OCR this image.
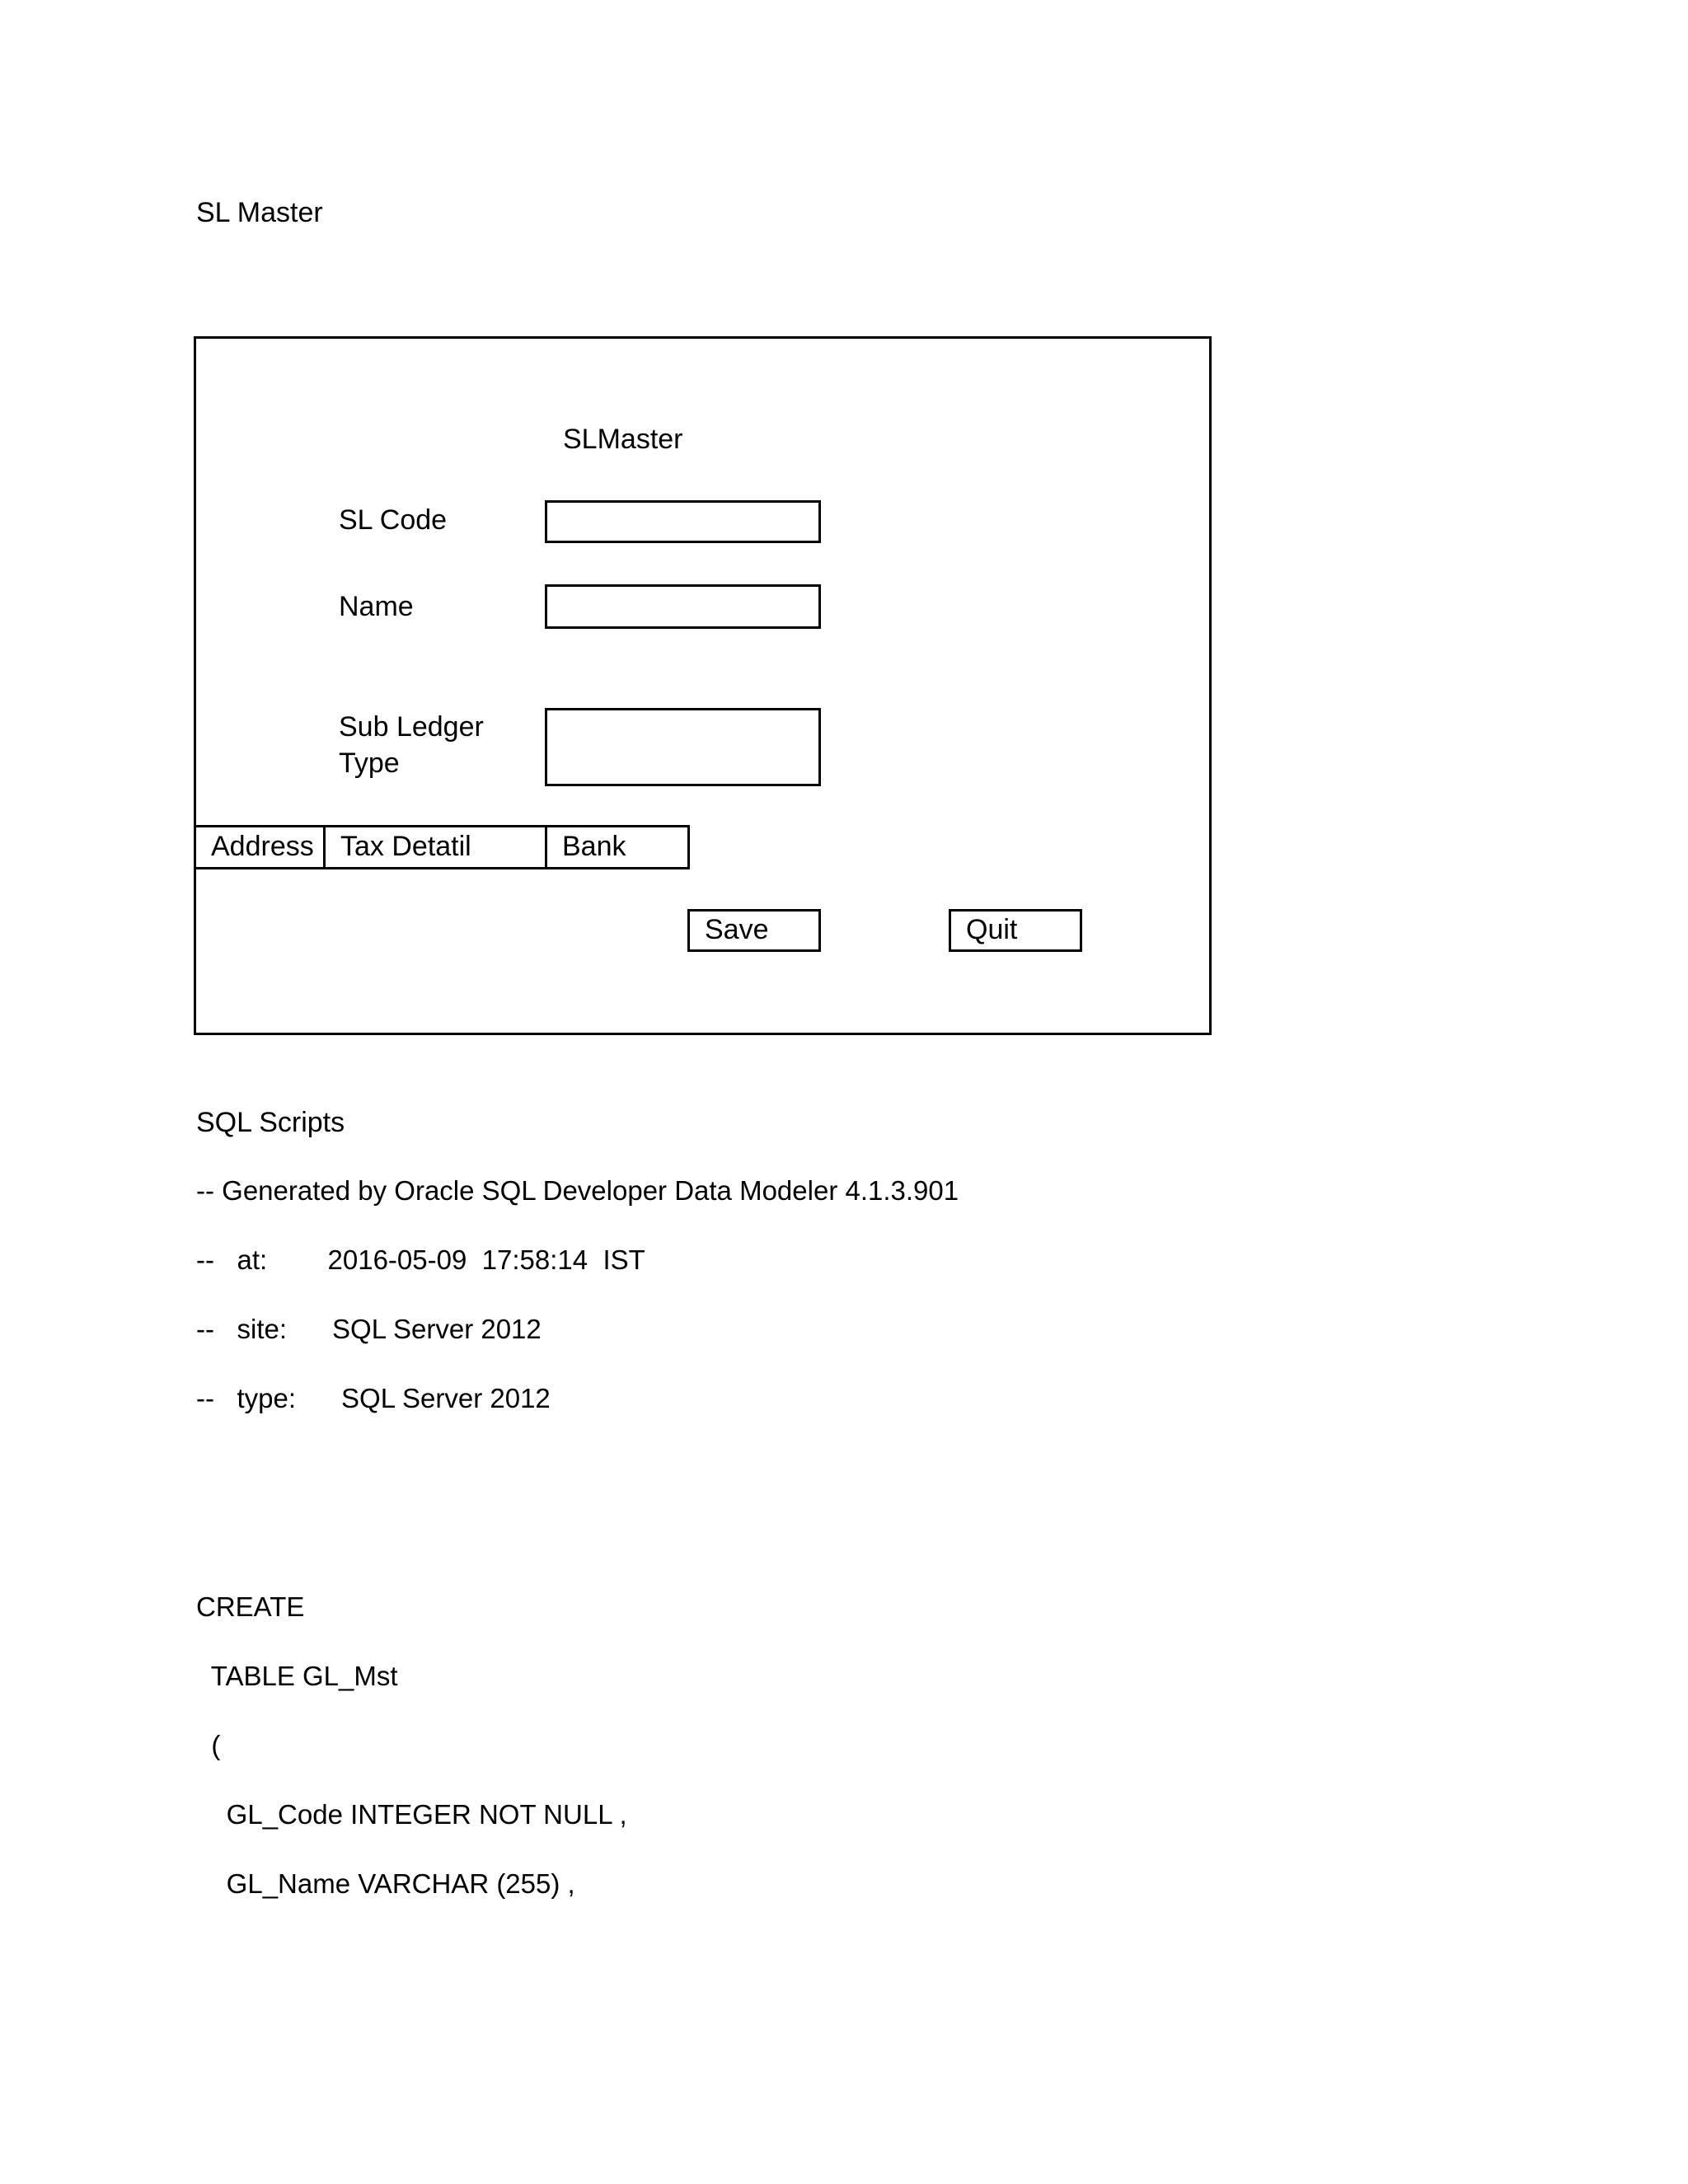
SL Master
SLMaster
SL Code
Name
Sub Ledger
Type
Address Tax Detatil	Bank
Save	Quit
SQL Scripts
-- Generated by Oracle SQL Developer Data Modeler 4.1.3.901
--   at:        2016-05-09  17:58:14  IST
--   site:      SQL Server 2012
--   type:      SQL Server 2012
CREATE
TABLE GL_Mst
(
GL_Code INTEGER NOT NULL ,
GL_Name VARCHAR (255) ,
